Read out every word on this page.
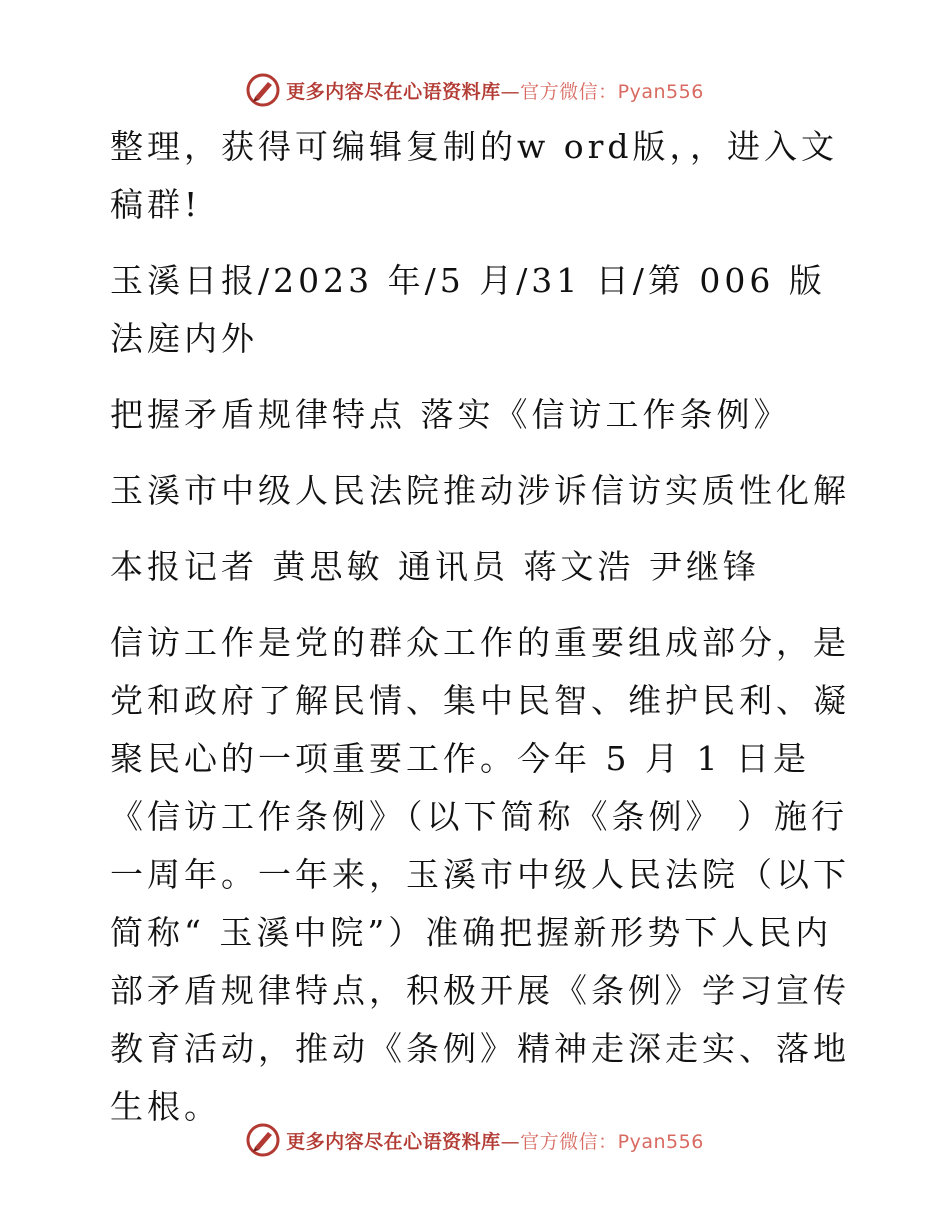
更多内容尽在心语资料库—官方微信：Pyan556

整理，获得可编辑复制的w ord版，，进入文稿群!

玉溪日报/2023 年/5 月/31 日/第 006 版法庭内外

把握矛盾规律特点 落实《信访工作条例》

玉溪市中级人民法院推动涉诉信访实质性化解

本报记者 黄思敏 通讯员 蒋文浩 尹继锋

信访工作是党的群众工作的重要组成部分，是党和政府了解民情、集中民智、维护民利、凝聚民心的一项重要工作。今年 5 月 1 日是《信访工作条例》（以下简称《条例》 ）施行一周年。一年来，玉溪市中级人民法院（以下简称“ 玉溪中院”）准确把握新形势下人民内部矛盾规律特点，积极开展《条例》学习宣传教育活动，推动《条例》精神走深走实、落地生根。

更多内容尽在心语资料库—官方微信：Pyan556
